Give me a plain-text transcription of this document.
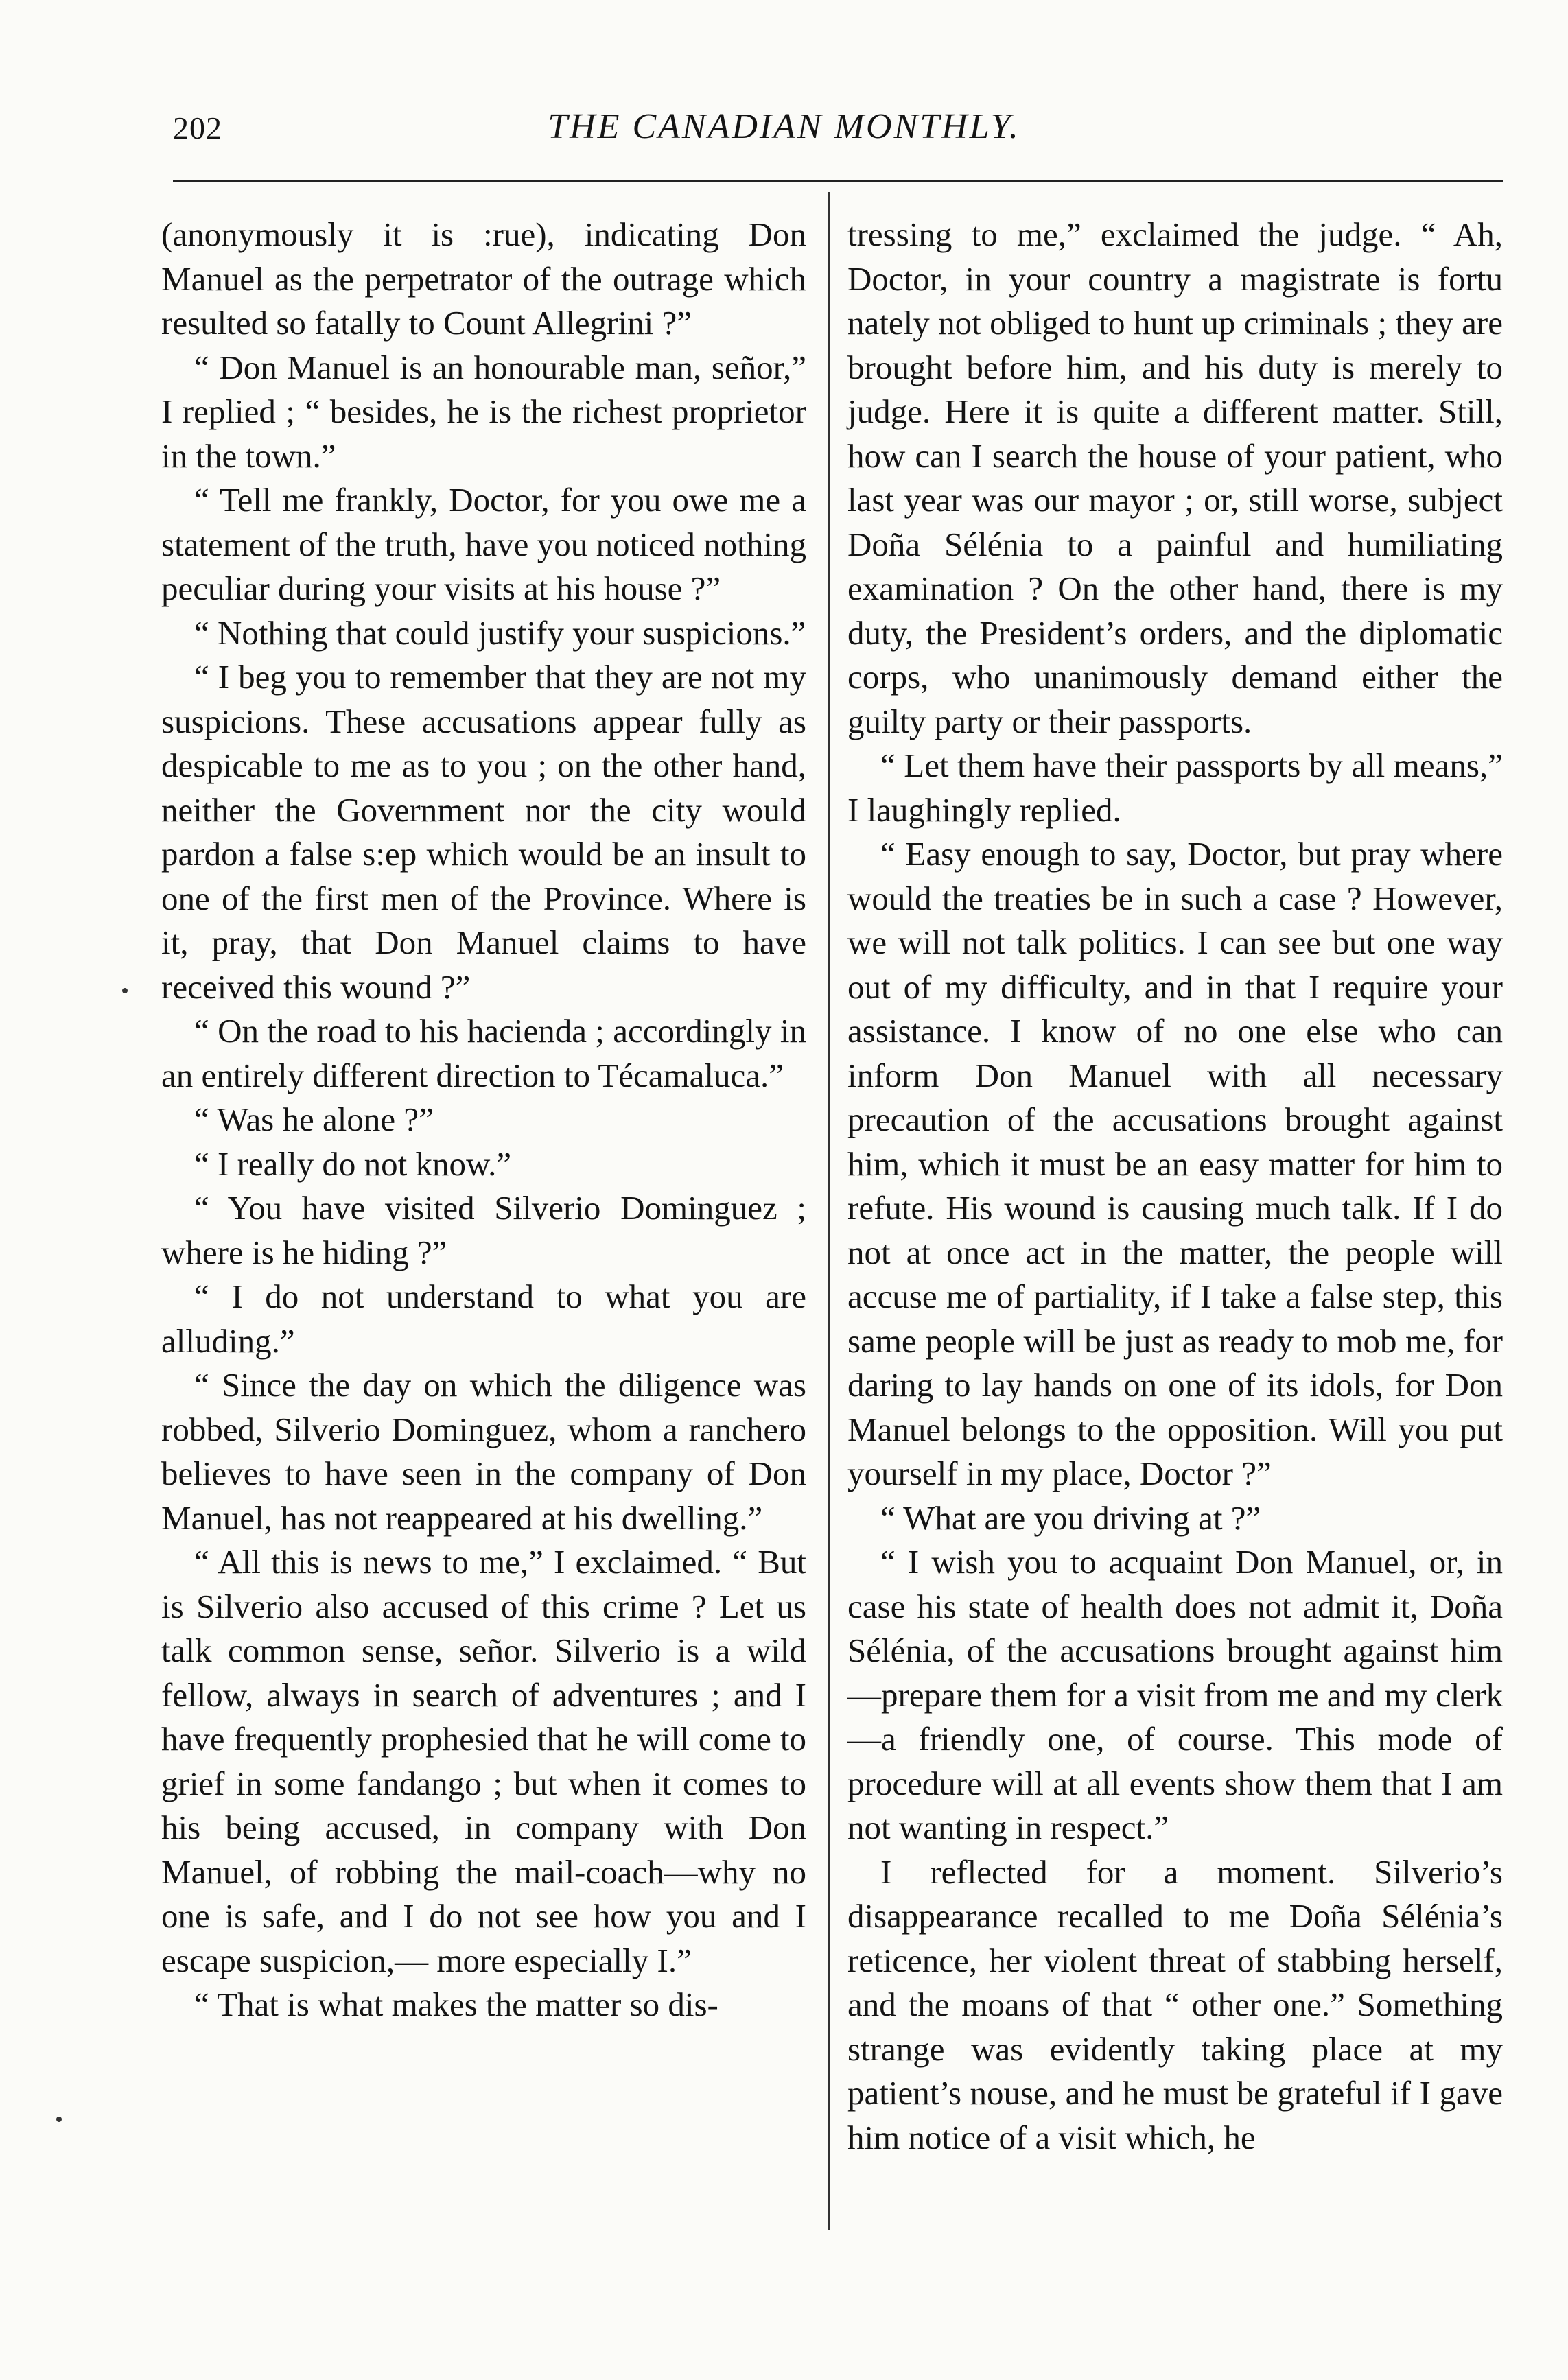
202	THE CANADIAN MONTHLY.

(anonymously it is :rue), indicating Don Manuel as the perpetrator of the outrage which resulted so fatally to Count Allegrini ?”

“ Don Manuel is an honourable man, señor,” I replied ; “ besides, he is the richest proprietor in the town.”

“ Tell me frankly, Doctor, for you owe me a statement of the truth, have you noticed nothing peculiar during your visits at his house ?”

“ Nothing that could justify your suspicions.”

“ I beg you to remember that they are not my suspicions. These accusations appear fully as despicable to me as to you ; on the other hand, neither the Government nor the city would pardon a false s:ep which would be an insult to one of the first men of the Province. Where is it, pray, that Don Manuel claims to have received this wound ?”

“ On the road to his hacienda ; accordingly in an entirely different direction to Técamaluca.”

“ Was he alone ?”

“ I really do not know.”

“ You have visited Silverio Dominguez ; where is he hiding ?”

“ I do not understand to what you are alluding.”

“ Since the day on which the diligence was robbed, Silverio Dominguez, whom a ranchero believes to have seen in the company of Don Manuel, has not reappeared at his dwelling.”

“ All this is news to me,” I exclaimed. “ But is Silverio also accused of this crime ? Let us talk common sense, señor. Silverio is a wild fellow, always in search of adventures ; and I have frequently prophesied that he will come to grief in some fandango ; but when it comes to his being accused, in company with Don Manuel, of robbing the mail-coach—why no one is safe, and I do not see how you and I escape suspicion,— more especially I.”

“ That is what makes the matter so dis-

tressing to me,” exclaimed the judge. “ Ah, Doctor, in your country a magistrate is fortu nately not obliged to hunt up criminals ; they are brought before him, and his duty is merely to judge. Here it is quite a different matter. Still, how can I search the house of your patient, who last year was our mayor ; or, still worse, subject Doña Sélénia to a painful and humiliating examination ? On the other hand, there is my duty, the President’s orders, and the diplomatic corps, who unanimously demand either the guilty party or their passports.

“ Let them have their passports by all means,” I laughingly replied.

“ Easy enough to say, Doctor, but pray where would the treaties be in such a case ? However, we will not talk politics. I can see but one way out of my difficulty, and in that I require your assistance. I know of no one else who can inform Don Manuel with all necessary precaution of the accusations brought against him, which it must be an easy matter for him to refute. His wound is causing much talk. If I do not at once act in the matter, the people will accuse me of partiality, if I take a false step, this same people will be just as ready to mob me, for daring to lay hands on one of its idols, for Don Manuel belongs to the opposition. Will you put yourself in my place, Doctor ?”

“ What are you driving at ?”

“ I wish you to acquaint Don Manuel, or, in case his state of health does not admit it, Doña Sélénia, of the accusations brought against him—prepare them for a visit from me and my clerk—a friendly one, of course. This mode of procedure will at all events show them that I am not wanting in respect.”

I reflected for a moment. Silverio’s disappearance recalled to me Doña Sélénia’s reticence, her violent threat of stabbing herself, and the moans of that “ other one.” Something strange was evidently taking place at my patient’s nouse, and he must be grateful if I gave him notice of a visit which, he
